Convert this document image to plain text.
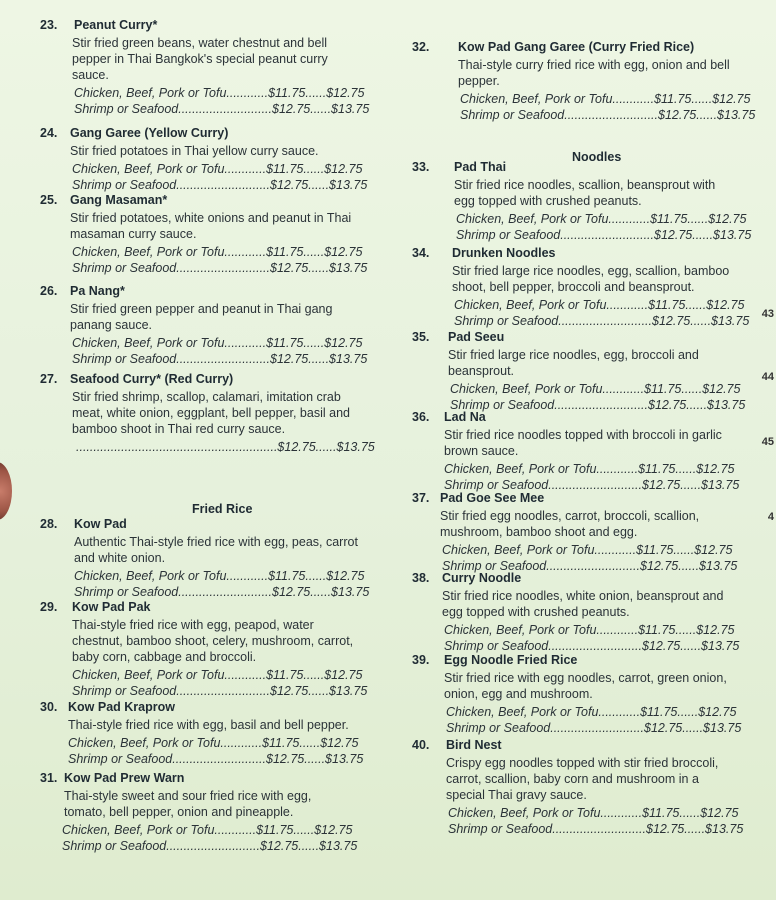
Fried Rice
23. Peanut Curry*
Stir fried green beans, water chestnut and bell
pepper in Thai Bangkok's special peanut curry
sauce.
Chicken, Beef, Pork or Tofu............$11.75......$12.75
Shrimp or Seafood...........................$12.75......$13.75
24. Gang Garee (Yellow Curry)
Stir fried potatoes in Thai yellow curry sauce.
Chicken, Beef, Pork or Tofu............$11.75......$12.75
Shrimp or Seafood...........................$12.75......$13.75
25. Gang Masaman*
Stir fried potatoes, white onions and peanut in Thai
masaman curry sauce.
Chicken, Beef, Pork or Tofu............$11.75......$12.75
Shrimp or Seafood...........................$12.75......$13.75
26. Pa Nang*
Stir fried green pepper and peanut in Thai gang
panang sauce.
Chicken, Beef, Pork or Tofu............$11.75......$12.75
Shrimp or Seafood...........................$12.75......$13.75
27. Seafood Curry* (Red Curry)
Stir fried shrimp, scallop, calamari, imitation crab
meat, white onion, eggplant, bell pepper, basil and
bamboo shoot in Thai red curry sauce.
..........................................................$12.75......$13.75
28. Kow Pad
Authentic Thai-style fried rice with egg, peas, carrot
and white onion.
Chicken, Beef, Pork or Tofu............$11.75......$12.75
Shrimp or Seafood...........................$12.75......$13.75
29. Kow Pad Pak
Thai-style fried rice with egg, peapod, water
chestnut, bamboo shoot, celery, mushroom, carrot,
baby corn, cabbage and broccoli.
Chicken, Beef, Pork or Tofu............$11.75......$12.75
Shrimp or Seafood...........................$12.75......$13.75
30. Kow Pad Kraprow
Thai-style fried rice with egg, basil and bell pepper.
Chicken, Beef, Pork or Tofu............$11.75......$12.75
Shrimp or Seafood...........................$12.75......$13.75
31. Kow Pad Prew Warn
Thai-style sweet and sour fried rice with egg,
tomato, bell pepper, onion and pineapple.
Chicken, Beef, Pork or Tofu............$11.75......$12.75
Shrimp or Seafood...........................$12.75......$13.75
Noodles
32. Kow Pad Gang Garee (Curry Fried Rice)
Thai-style curry fried rice with egg, onion and bell
pepper.
Chicken, Beef, Pork or Tofu............$11.75......$12.75
Shrimp or Seafood...........................$12.75......$13.75
33. Pad Thai
Stir fried rice noodles, scallion, beansprout with
egg topped with crushed peanuts.
Chicken, Beef, Pork or Tofu............$11.75......$12.75
Shrimp or Seafood...........................$12.75......$13.75
34. Drunken Noodles
Stir fried large rice noodles, egg, scallion, bamboo
shoot, bell pepper, broccoli and beansprout.
Chicken, Beef, Pork or Tofu............$11.75......$12.75
Shrimp or Seafood...........................$12.75......$13.75
35. Pad Seeu
Stir fried large rice noodles, egg, broccoli and
beansprout.
Chicken, Beef, Pork or Tofu............$11.75......$12.75
Shrimp or Seafood...........................$12.75......$13.75
36. Lad Na
Stir fried rice noodles topped with broccoli in garlic
brown sauce.
Chicken, Beef, Pork or Tofu............$11.75......$12.75
Shrimp or Seafood...........................$12.75......$13.75
37. Pad Goe See Mee
Stir fried egg noodles, carrot, broccoli, scallion,
mushroom, bamboo shoot and egg.
Chicken, Beef, Pork or Tofu............$11.75......$12.75
Shrimp or Seafood...........................$12.75......$13.75
38. Curry Noodle
Stir fried rice noodles, white onion, beansprout and
egg topped with crushed peanuts.
Chicken, Beef, Pork or Tofu............$11.75......$12.75
Shrimp or Seafood...........................$12.75......$13.75
39. Egg Noodle Fried Rice
Stir fried rice with egg noodles, carrot, green onion,
onion, egg and mushroom.
Chicken, Beef, Pork or Tofu............$11.75......$12.75
Shrimp or Seafood...........................$12.75......$13.75
40. Bird Nest
Crispy egg noodles topped with stir fried broccoli,
carrot, scallion, baby corn and mushroom in a
special Thai gravy sauce.
Chicken, Beef, Pork or Tofu............$11.75......$12.75
Shrimp or Seafood...........................$12.75......$13.75
43
44
45
4
